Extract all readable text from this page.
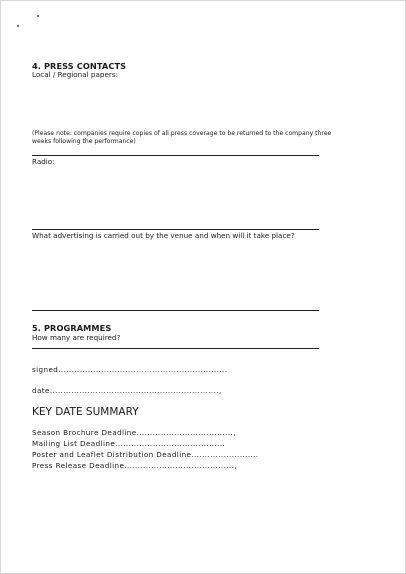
4. PRESS CONTACTS
Local / Regional papers:
(Please note: companies require copies of all press coverage to be returned to the company three weeks following the performance)
Radio:
What advertising is carried out by the venue and when will it take place?
5. PROGRAMMES
How many are required?
signed...............................................................
date...............................................................,
KEY DATE SUMMARY
Season Brochure Deadline....................................,
Mailing List Deadline.........................................
Poster and Leaflet Distribution Deadline.........................
Press Release Deadline.........................................,
